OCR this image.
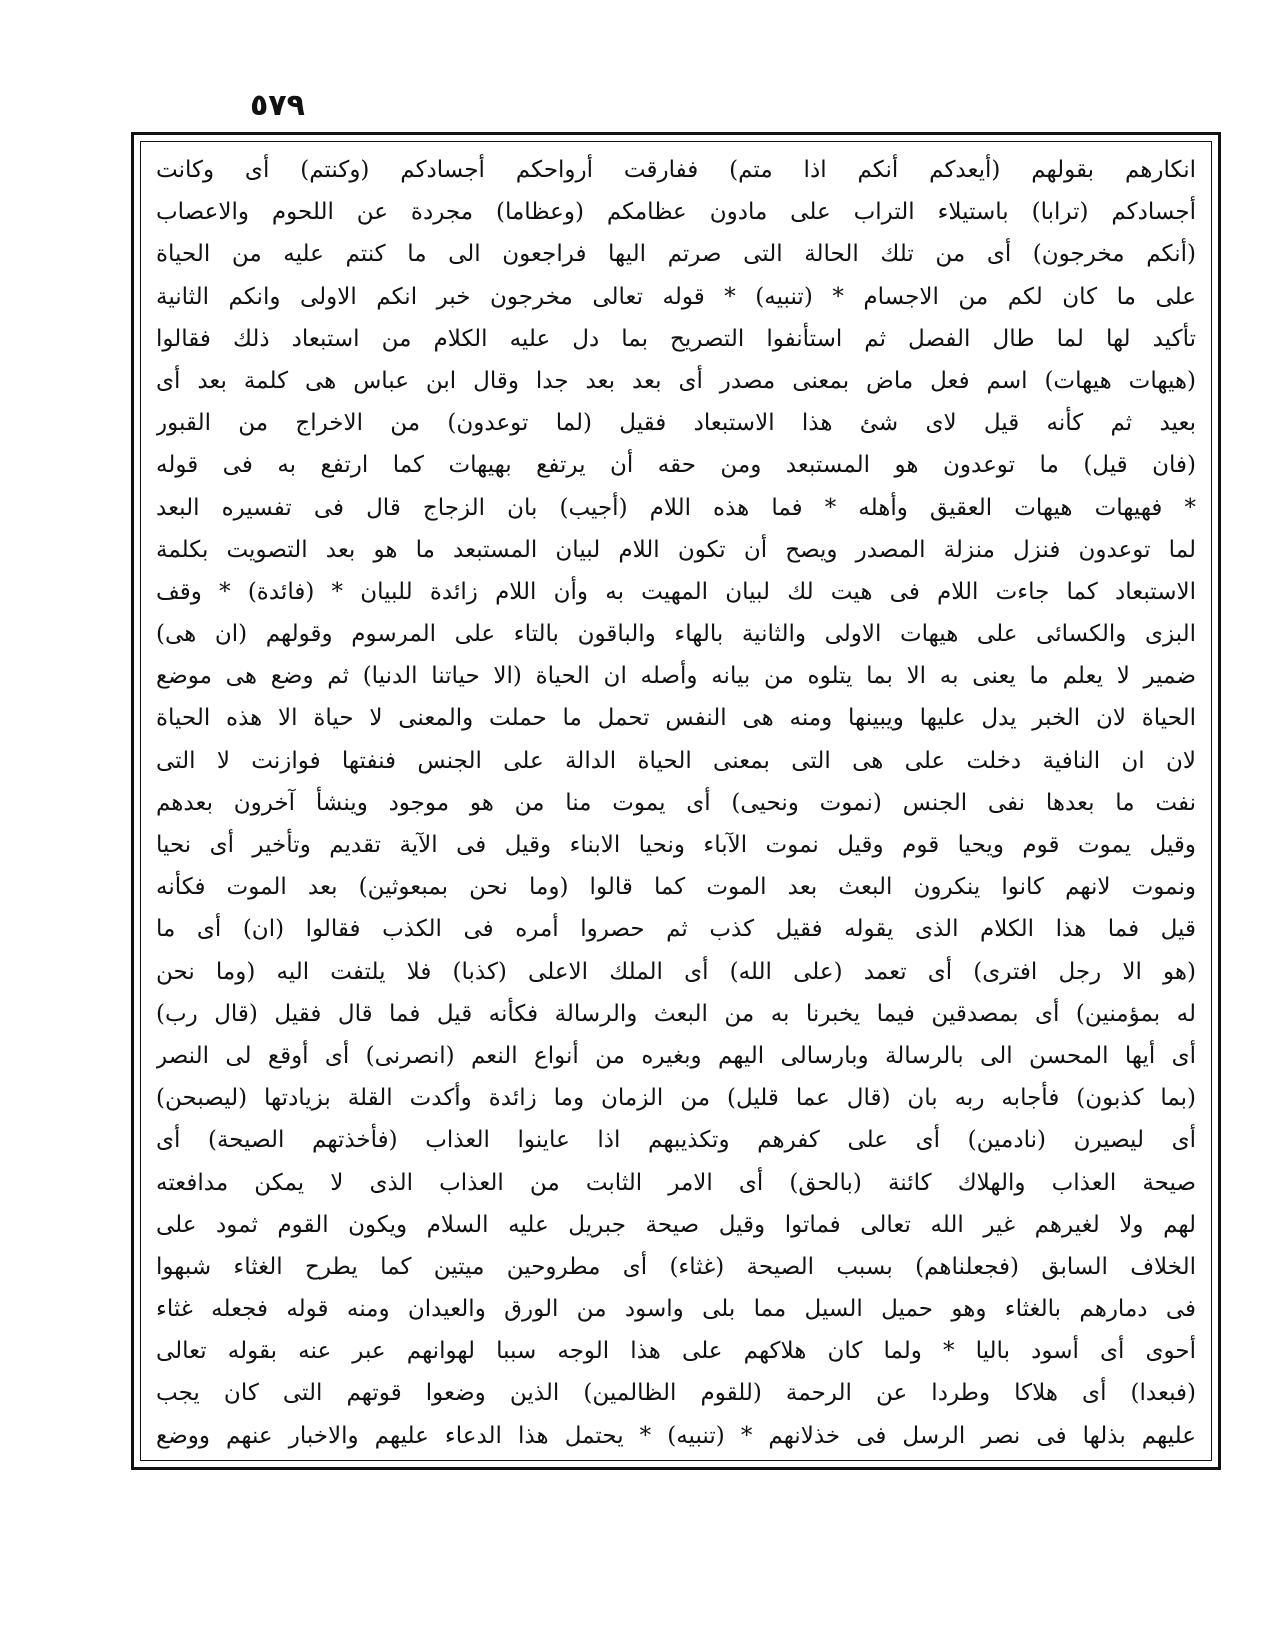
٥٧٩
انكارهم بقولهم (أيعدكم أنكم اذا متم) ففارقت أرواحكم أجسادكم (وكنتم) أى وكانت
أجسادكم (ترابا) باستيلاء التراب على مادون عظامكم (وعظاما) مجردة عن اللحوم والاعصاب
(أنكم مخرجون) أى من تلك الحالة التى صرتم اليها فراجعون الى ما كنتم عليه من الحياة
على ما كان لكم من الاجسام * (تنبيه) * قوله تعالى مخرجون خبر انكم الاولى وانكم الثانية
تأكيد لها لما طال الفصل ثم استأنفوا التصريح بما دل عليه الكلام من استبعاد ذلك فقالوا
(هيهات هيهات) اسم فعل ماض بمعنى مصدر أى بعد بعد جدا وقال ابن عباس هى كلمة بعد أى
بعيد ثم كأنه قيل لاى شئ هذا الاستبعاد فقيل (لما توعدون) من الاخراج من القبور
(فان قيل) ما توعدون هو المستبعد ومن حقه أن يرتفع بهيهات كما ارتفع به فى قوله
* فهيهات هيهات العقيق وأهله * فما هذه اللام (أجيب) بان الزجاج قال فى تفسيره البعد
لما توعدون فنزل منزلة المصدر ويصح أن تكون اللام لبيان المستبعد ما هو بعد التصويت بكلمة
الاستبعاد كما جاءت اللام فى هيت لك لبيان المهيت به وأن اللام زائدة للبيان * (فائدة) * وقف
البزى والكسائى على هيهات الاولى والثانية بالهاء والباقون بالتاء على المرسوم وقولهم (ان هى)
ضمير لا يعلم ما يعنى به الا بما يتلوه من بيانه وأصله ان الحياة (الا حياتنا الدنيا) ثم وضع هى موضع
الحياة لان الخبر يدل عليها ويبينها ومنه هى النفس تحمل ما حملت والمعنى لا حياة الا هذه الحياة
لان ان النافية دخلت على هى التى بمعنى الحياة الدالة على الجنس فنفتها فوازنت لا التى
نفت ما بعدها نفى الجنس (نموت ونحيى) أى يموت منا من هو موجود وينشأ آخرون بعدهم
وقيل يموت قوم ويحيا قوم وقيل نموت الآباء ونحيا الابناء وقيل فى الآية تقديم وتأخير أى نحيا
ونموت لانهم كانوا ينكرون البعث بعد الموت كما قالوا (وما نحن بمبعوثين) بعد الموت فكأنه
قيل فما هذا الكلام الذى يقوله فقيل كذب ثم حصروا أمره فى الكذب فقالوا (ان) أى ما
(هو الا رجل افترى) أى تعمد (على الله) أى الملك الاعلى (كذبا) فلا يلتفت اليه (وما نحن
له بمؤمنين) أى بمصدقين فيما يخبرنا به من البعث والرسالة فكأنه قيل فما قال فقيل (قال رب)
أى أيها المحسن الى بالرسالة وبارسالى اليهم وبغيره من أنواع النعم (انصرنى) أى أوقع لى النصر
(بما كذبون) فأجابه ربه بان (قال عما قليل) من الزمان وما زائدة وأكدت القلة بزيادتها (ليصبحن)
أى ليصيرن (نادمين) أى على كفرهم وتكذيبهم اذا عاينوا العذاب (فأخذتهم الصيحة) أى
صيحة العذاب والهلاك كائنة (بالحق) أى الامر الثابت من العذاب الذى لا يمكن مدافعته
لهم ولا لغيرهم غير الله تعالى فماتوا وقيل صيحة جبريل عليه السلام ويكون القوم ثمود على
الخلاف السابق (فجعلناهم) بسبب الصيحة (غثاء) أى مطروحين ميتين كما يطرح الغثاء شبهوا
فى دمارهم بالغثاء وهو حميل السيل مما بلى واسود من الورق والعيدان ومنه قوله فجعله غثاء
أحوى أى أسود باليا * ولما كان هلاكهم على هذا الوجه سببا لهوانهم عبر عنه بقوله تعالى
(فبعدا) أى هلاكا وطردا عن الرحمة (للقوم الظالمين) الذين وضعوا قوتهم التى كان يجب
عليهم بذلها فى نصر الرسل فى خذلانهم * (تنبيه) * يحتمل هذا الدعاء عليهم والاخبار عنهم ووضع
